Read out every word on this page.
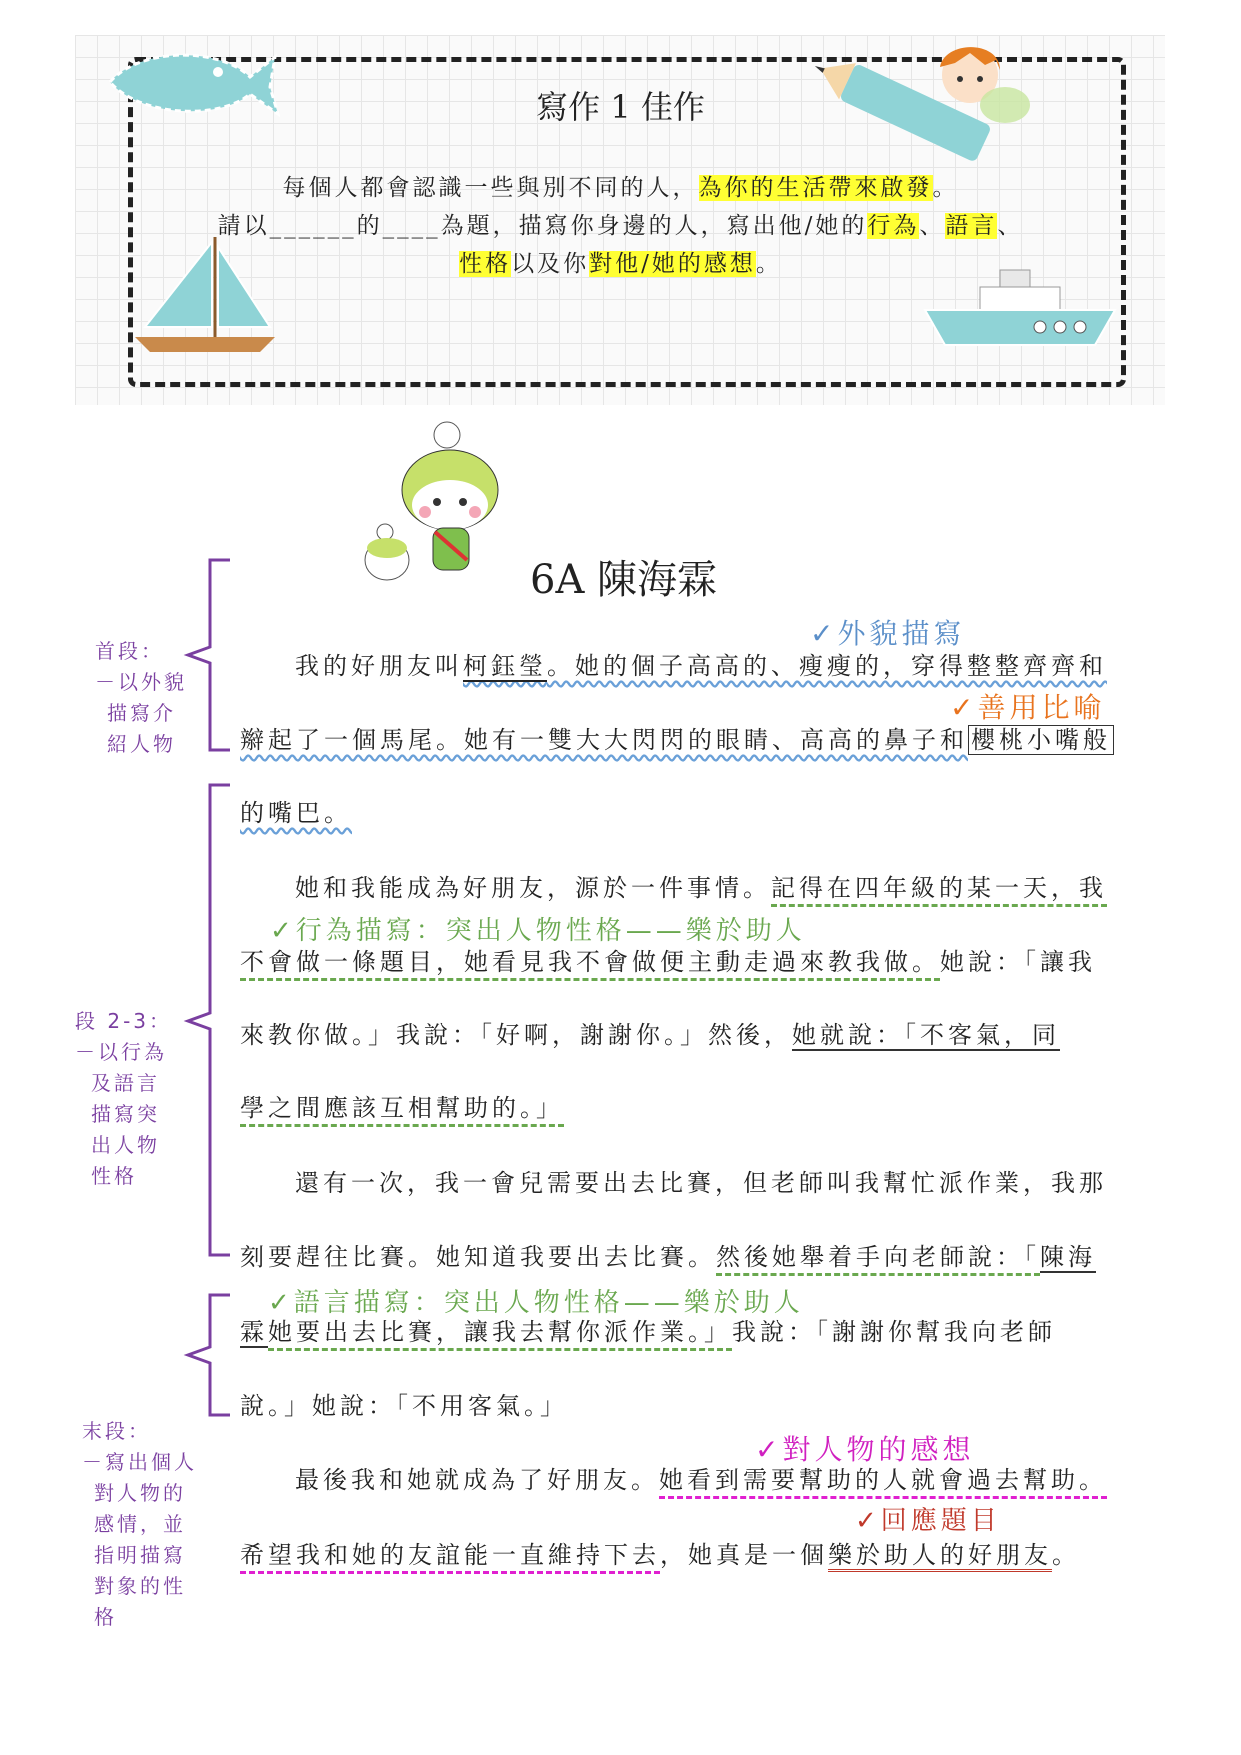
寫作 1 佳作
每個人都會認識一些與別不同的人，為你的生活帶來啟發。
請以______的____為題，描寫你身邊的人，寫出他/她的行為、語言、
性格以及你對他/她的感想。
6A 陳海霖
首段：
－以外貌
描寫介
紹人物
段 2-3：
－以行為
及語言
描寫突
出人物
性格
末段：
－寫出個人
對人物的
感情，並
指明描寫
對象的性
格
✓外貌描寫
✓善用比喻
✓行為描寫：突出人物性格——樂於助人
✓語言描寫：突出人物性格——樂於助人
✓對人物的感想
✓回應題目
我的好朋友叫柯鈺瑩。她的個子高高的、瘦瘦的，穿得整整齊齊和
辮起了一個馬尾。她有一雙大大閃閃的眼睛、高高的鼻子和 櫻桃小嘴般
的嘴巴。
她和我能成為好朋友，源於一件事情。記得在四年級的某一天，我
不會做一條題目，她看見我不會做便主動走過來教我做。她說：「讓我
來教你做。」我說：「好啊，謝謝你。」然後，她就說：「不客氣，同
學之間應該互相幫助的。」
還有一次，我一會兒需要出去比賽，但老師叫我幫忙派作業，我那
刻要趕往比賽。她知道我要出去比賽。然後她舉着手向老師說：「陳海
霖她要出去比賽，讓我去幫你派作業。」我說：「謝謝你幫我向老師
說。」她說：「不用客氣。」
最後我和她就成為了好朋友。她看到需要幫助的人就會過去幫助。
希望我和她的友誼能一直維持下去，她真是一個樂於助人的好朋友。
